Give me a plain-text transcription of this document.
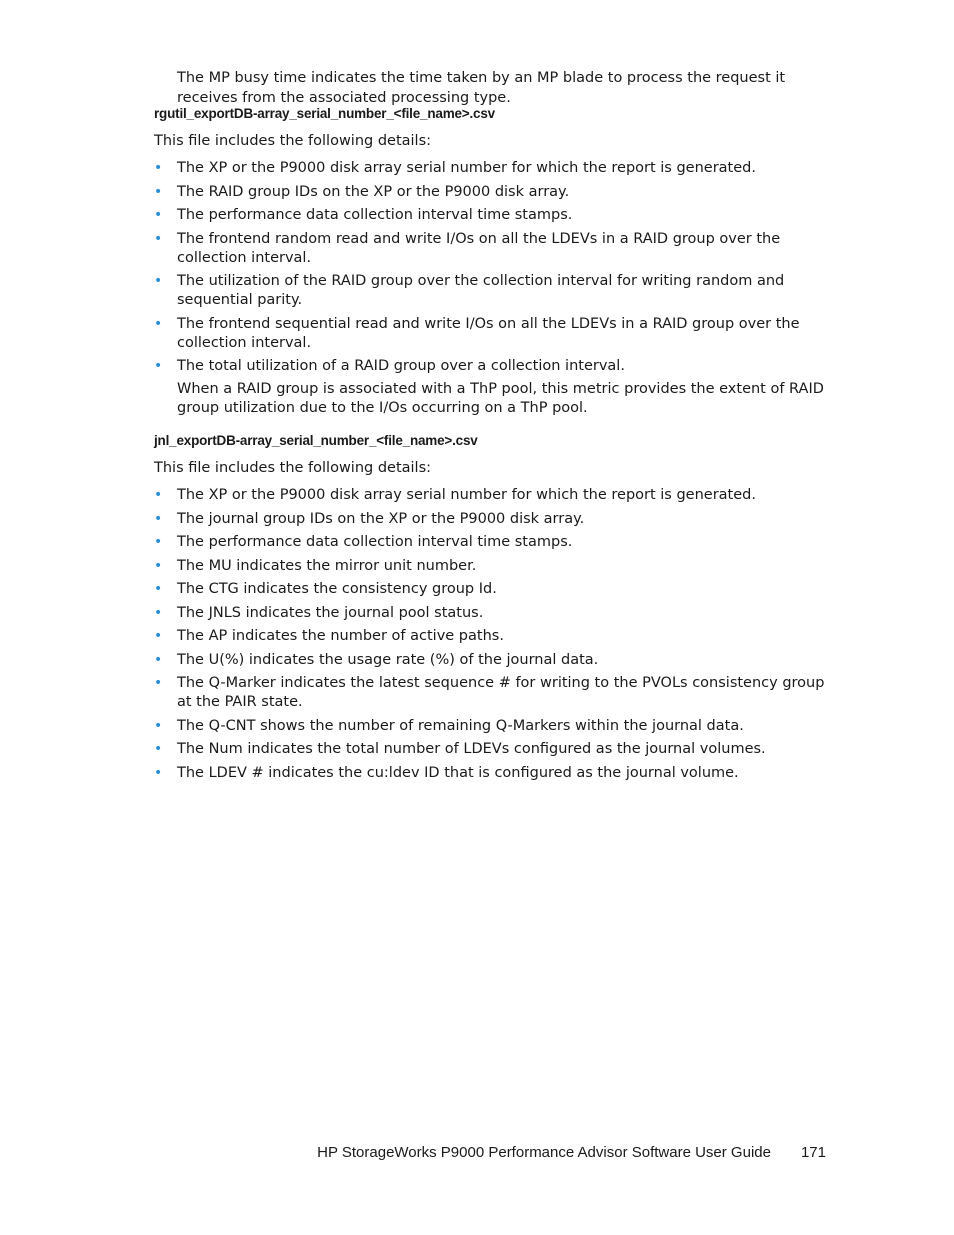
The MP busy time indicates the time taken by an MP blade to process the request it receives from the associated processing type.

rgutil_exportDB-array_serial_number_<file_name>.csv
This file includes the following details:
• The XP or the P9000 disk array serial number for which the report is generated.
• The RAID group IDs on the XP or the P9000 disk array.
• The performance data collection interval time stamps.
• The frontend random read and write I/Os on all the LDEVs in a RAID group over the collection interval.
• The utilization of the RAID group over the collection interval for writing random and sequential parity.
• The frontend sequential read and write I/Os on all the LDEVs in a RAID group over the collection interval.
• The total utilization of a RAID group over a collection interval.
When a RAID group is associated with a ThP pool, this metric provides the extent of RAID group utilization due to the I/Os occurring on a ThP pool.
jnl_exportDB-array_serial_number_<file_name>.csv
This file includes the following details:
• The XP or the P9000 disk array serial number for which the report is generated.
• The journal group IDs on the XP or the P9000 disk array.
• The performance data collection interval time stamps.
• The MU indicates the mirror unit number.
• The CTG indicates the consistency group Id.
• The JNLS indicates the journal pool status.
• The AP indicates the number of active paths.
• The U(%) indicates the usage rate (%) of the journal data.
• The Q-Marker indicates the latest sequence # for writing to the PVOLs consistency group at the PAIR state.
• The Q-CNT shows the number of remaining Q-Markers within the journal data.
• The Num indicates the total number of LDEVs configured as the journal volumes.
• The LDEV # indicates the cu:ldev ID that is configured as the journal volume.
HP StorageWorks P9000 Performance Advisor Software User Guide 171
